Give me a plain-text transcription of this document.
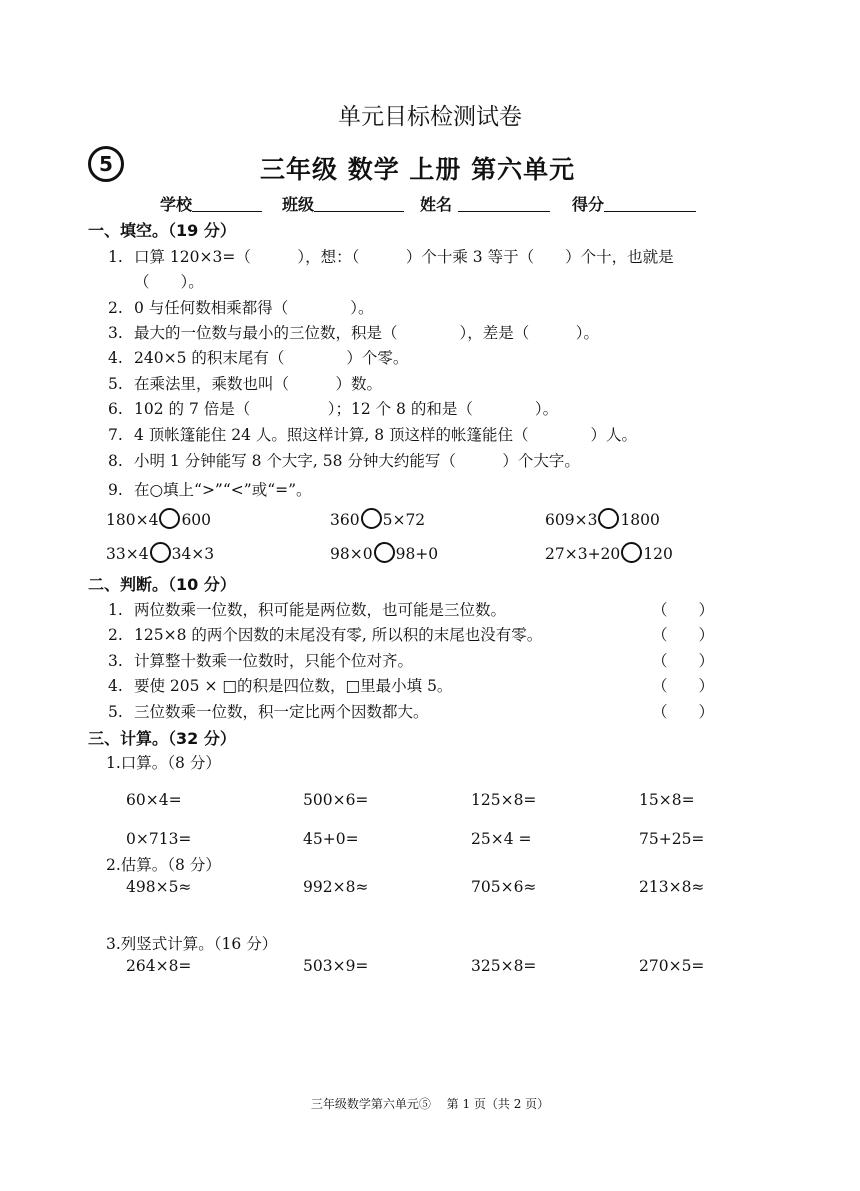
单元目标检测试卷
5	三年级 数学 上册 第六单元
学校	班级	姓名	得分
一、填空。（19 分）
1. 口算 120×3=（　　　），想：（　　　）个十乘 3 等于（　　）个十，也就是
（　　）。
2. 0 与任何数相乘都得（　　　　）。
3. 最大的一位数与最小的三位数，积是（　　　　），差是（　　　）。
4. 240×5 的积末尾有（　　　　）个零。
5. 在乘法里，乘数也叫（　　　）数。
6. 102 的 7 倍是（　　　　　）；12 个 8 的和是（　　　　）。
7. 4 顶帐篷能住 24 人。照这样计算, 8 顶这样的帐篷能住（　　　　）人。
8. 小明 1 分钟能写 8 个大字, 58 分钟大约能写（　　　）个大字。
9. 在○填上“>”“<”或“=”。
180×4 600	360 5×72	609×3 1800
33×4 34×3	98×0 98+0	27×3+20 120
二、判断。（10 分）
1. 两位数乘一位数，积可能是两位数，也可能是三位数。	（　　）
2. 125×8 的两个因数的末尾没有零, 所以积的末尾也没有零。	（　　）
3. 计算整十数乘一位数时，只能个位对齐。	（　　）
4. 要使 205 × □的积是四位数，□里最小填 5。	（　　）
5. 三位数乘一位数，积一定比两个因数都大。	（　　）
三、计算。（32 分）
1.口算。（8 分）
60×4=	500×6=	125×8=	15×8=
0×713=	45+0=	25×4 =	75+25=
2.估算。（8 分）
498×5≈	992×8≈	705×6≈	213×8≈
3.列竖式计算。（16 分）
264×8=	503×9=	325×8=	270×5=
三年级数学第六单元⑤　 第 1 页（共 2 页）
